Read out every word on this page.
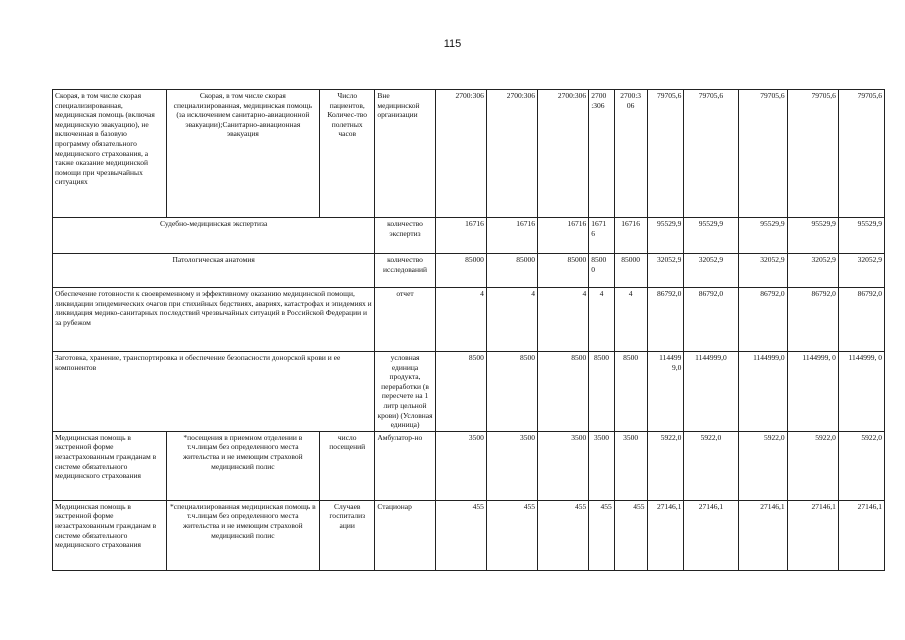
115
Скорая, в том числе скорая специализированная, медицинская помощь (включая медицинскую эвакуацию), не включенная в базовую программу обязательного медицинского страхования, а также оказание медицинской помощи при чрезвычайных ситуациях	Скорая, в том числе скорая специализированная, медицинская помощь (за исключением санитарно-авиационной эвакуации);Санитарно-авиационная эвакуация	Число пациентов, Количес-тво полетных часов	Вне медицинской организации	2700:306	2700:306	2700:306	2700 :306	2700:3 06	79705,6	79705,6	79705,6	79705,6	79705,6
Судебно-медицинская экспертиза			количество экспертиз	16716	16716	16716	1671 6	16716	95529,9	95529,9	95529,9	95529,9	95529,9
Патологическая анатомия			количество исследований	85000	85000	85000	8500 0	85000	32052,9	32052,9	32052,9	32052,9	32052,9
Обеспечение готовности к своевременному и эффективному оказанию медицинской помощи, ликвидации эпидемических очагов при стихийных бедствиях, авариях, катастрофах и эпидемиях и ликвидация медико-санитарных последствий чрезвычайных ситуаций в Российской Федерации и за рубежом			отчет	4	4	4	4	4	86792,0	86792,0	86792,0	86792,0	86792,0
Заготовка, хранение, транспортировка и обеспечение безопасности донорской крови и ее компонентов			условная единица продукта, переработки (в пересчете на 1 литр цельной крови) (Условная единица)	8500	8500	8500	8500	8500	114499 9,0	1144999,0	1144999,0	1144999, 0	1144999, 0
Медицинская помощь в экстренной форме незастрахованным гражданам в системе обязательного медицинского страхования	*посещения в приемном отделении в т.ч.лицам без определенного места жительства и не имеющим страховой медицинский полис	число посещений	Амбулатор-но	3500	3500	3500	3500	3500	5922,0	5922,0	5922,0	5922,0	5922,0
Медицинская помощь в экстренной форме незастрахованным гражданам в системе обязательного медицинского страхования	*специализированная медицинская помощь в т.ч.лицам без определенного места жительства и не имеющим страховой медицинский полис	Случаев госпитализ ации	Стационар	455	455	455	455	455	27146,1	27146,1	27146,1	27146,1	27146,1
